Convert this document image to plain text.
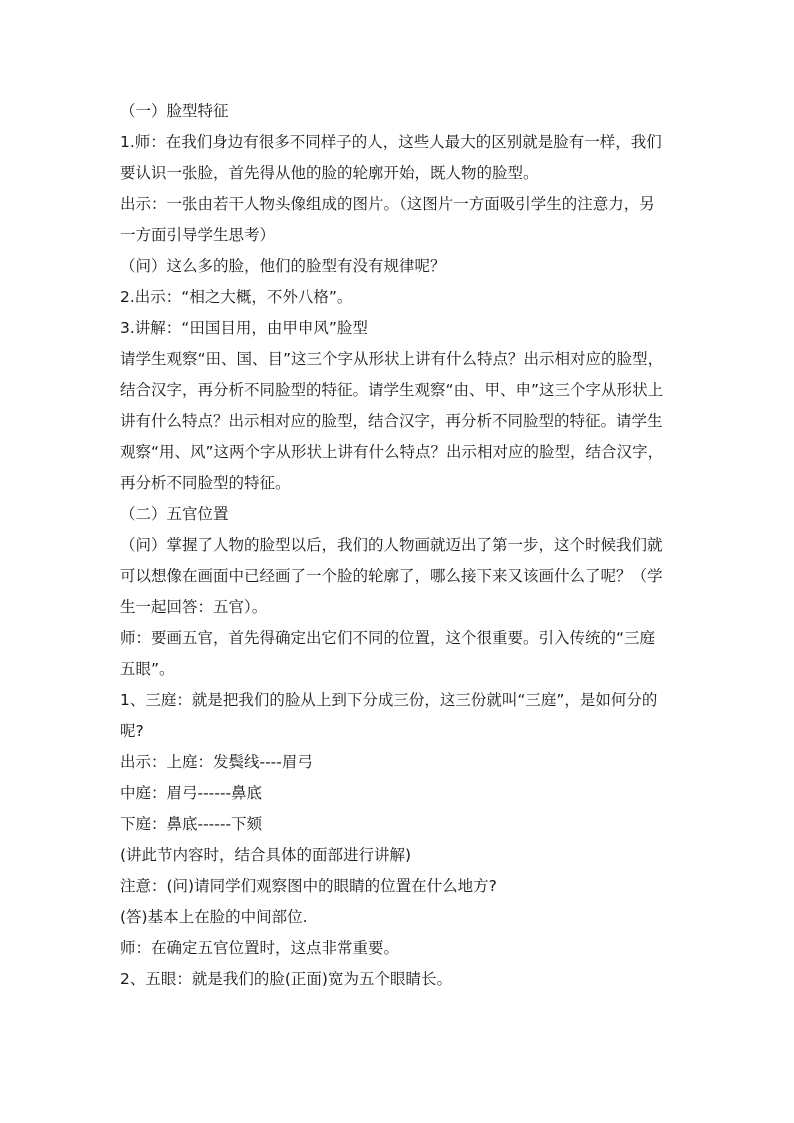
（一）脸型特征

1.师：在我们身边有很多不同样子的人，这些人最大的区别就是脸有一样，我们

要认识一张脸，首先得从他的脸的轮廓开始，既人物的脸型。

出示：一张由若干人物头像组成的图片。（这图片一方面吸引学生的注意力，另

一方面引导学生思考）

（问）这么多的脸，他们的脸型有没有规律呢？

2.出示：“相之大概，不外八格”。

3.讲解：“田国目用，由甲申风”脸型

请学生观察“田、国、目”这三个字从形状上讲有什么特点？出示相对应的脸型，

结合汉字，再分析不同脸型的特征。请学生观察“由、甲、申”这三个字从形状上

讲有什么特点？出示相对应的脸型，结合汉字，再分析不同脸型的特征。请学生

观察“用、风”这两个字从形状上讲有什么特点？出示相对应的脸型，结合汉字，

再分析不同脸型的特征。

（二）五官位置

（问）掌握了人物的脸型以后，我们的人物画就迈出了第一步，这个时候我们就

可以想像在画面中已经画了一个脸的轮廓了，哪么接下来又该画什么了呢？（学

生一起回答：五官）。

师：要画五官，首先得确定出它们不同的位置，这个很重要。引入传统的“三庭

五眼”。

1、三庭：就是把我们的脸从上到下分成三份，这三份就叫“三庭”，是如何分的

呢?

出示：上庭：发鬓线----眉弓

中庭：眉弓------鼻底

下庭：鼻底------下颏

(讲此节内容时，结合具体的面部进行讲解)

注意：(问)请同学们观察图中的眼睛的位置在什么地方?

(答)基本上在脸的中间部位.

师：在确定五官位置时，这点非常重要。

2、五眼：就是我们的脸(正面)宽为五个眼睛长。
